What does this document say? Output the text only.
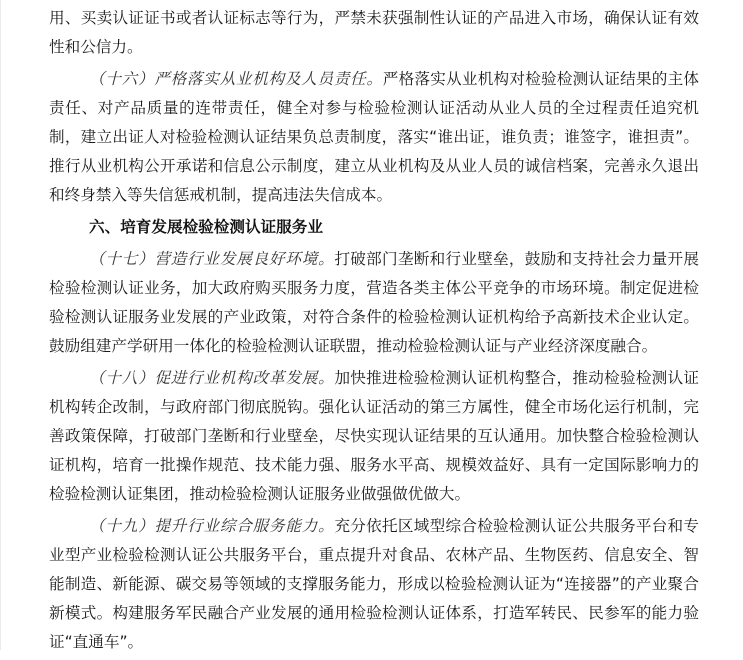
用、买卖认证证书或者认证标志等行为，严禁未获强制性认证的产品进入市场，确保认证有效性和公信力。

（十六）严格落实从业机构及人员责任。严格落实从业机构对检验检测认证结果的主体责任、对产品质量的连带责任，健全对参与检验检测认证活动从业人员的全过程责任追究机制，建立出证人对检验检测认证结果负总责制度，落实“谁出证，谁负责；谁签字，谁担责”。推行从业机构公开承诺和信息公示制度，建立从业机构及从业人员的诚信档案，完善永久退出和终身禁入等失信惩戒机制，提高违法失信成本。

六、培育发展检验检测认证服务业

（十七）营造行业发展良好环境。打破部门垄断和行业壁垒，鼓励和支持社会力量开展检验检测认证业务，加大政府购买服务力度，营造各类主体公平竞争的市场环境。制定促进检验检测认证服务业发展的产业政策，对符合条件的检验检测认证机构给予高新技术企业认定。鼓励组建产学研用一体化的检验检测认证联盟，推动检验检测认证与产业经济深度融合。

（十八）促进行业机构改革发展。加快推进检验检测认证机构整合，推动检验检测认证机构转企改制，与政府部门彻底脱钩。强化认证活动的第三方属性，健全市场化运行机制，完善政策保障，打破部门垄断和行业壁垒，尽快实现认证结果的互认通用。加快整合检验检测认证机构，培育一批操作规范、技术能力强、服务水平高、规模效益好、具有一定国际影响力的检验检测认证集团，推动检验检测认证服务业做强做优做大。

（十九）提升行业综合服务能力。充分依托区域型综合检验检测认证公共服务平台和专业型产业检验检测认证公共服务平台，重点提升对食品、农林产品、生物医药、信息安全、智能制造、新能源、碳交易等领域的支撑服务能力，形成以检验检测认证为“连接器”的产业聚合新模式。构建服务军民融合产业发展的通用检验检测认证体系，打造军转民、民参军的能力验证“直通车”。
